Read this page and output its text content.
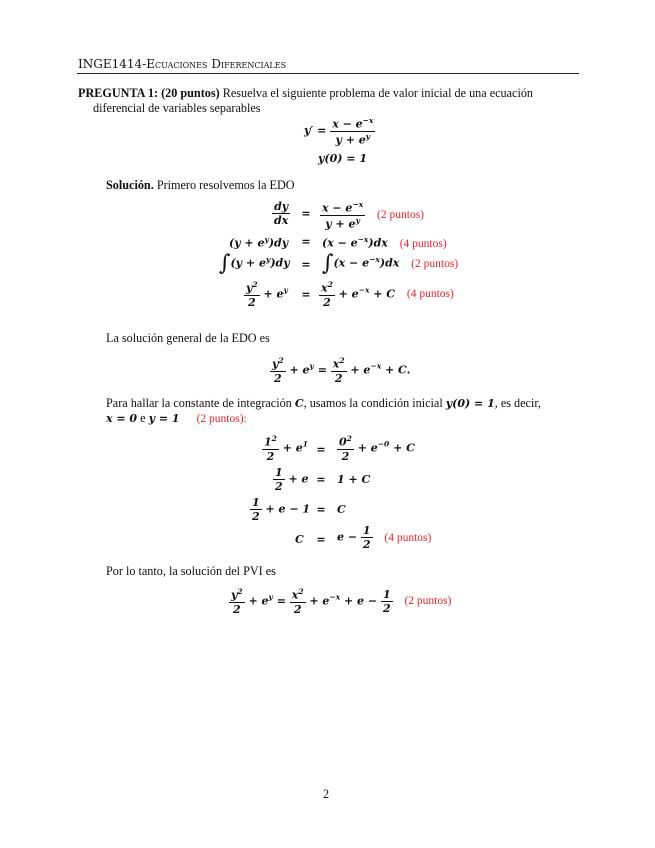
INGE1414-Ecuaciones Diferenciales
PREGUNTA 1: (20 puntos) Resuelva el siguiente problema de valor inicial de una ecuación
diferencial de variables separables
$y' = \frac{x - e^{-x}}{y + e^y}$
y(0) = 1
Solución. Primero resolvemos la EDO
$\frac{dy}{dx}$	= $\frac{x - e^{-x}}{y + e^y} (2$ puntos)
$(y + e^y)dy$	=	$(x - e^{-x})dx$ (4 puntos)
$\int(y + e^y)dy$	= $\int(x - e^{-x})dx$ (2 puntos)
$\frac{y^2}{2} + e^y$	= $\frac{x^2}{2} + e^{-x} + C$ (4 puntos)
La solución general de la EDO es
$\frac{y^2}{2} + e^y = \frac{x^2}{2} + e^{-x} + C$.
Para hallar la constante de integración C, usamos la condición inicial y(0) = 1, es decir,
x = 0 e y = 1 (2 puntos):
$\frac{1^2}{2} + e^1$ =	$\frac{0^2}{2} + e^{-0} + C$
$\frac{1}{2} + e$ =	1 + C
$\frac{1}{2} + e - 1$ =	C
C	=	$e - \frac{1}{2} (4$ puntos)
Por lo tanto, la solución del PVI es
$\frac{y^2}{2} + e^y = \frac{x^2}{2} + e^{-x} + e - \frac{1}{2} (2$ puntos)
2
